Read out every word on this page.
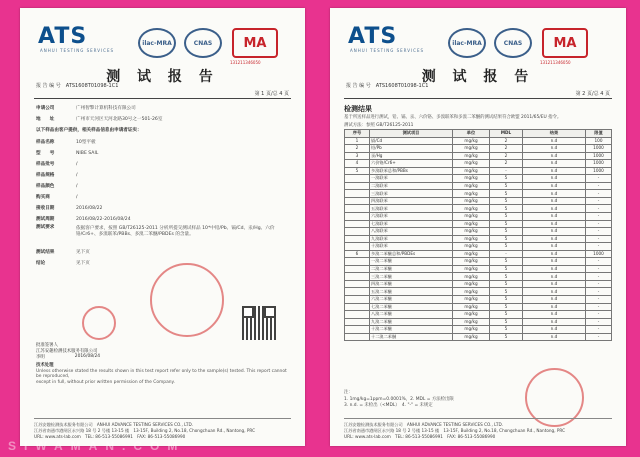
ATS
ANHUI TESTING SERVICES
ilac-MRA	CNAS MA
131211346050
测 试 报 告
报 告 编 号　ATS1608T01098-1C1
第 1 页/总 4 页
申请公司	广州智擎计算机科技有限公司
地　　址	广州市天河区天河北路30号之一501-26室
以下样品由客户提供，相关样品信息由申请者证实：
样品名称	10型平板
型　　号	NIBE SAIL
样品批号	/
样品规格	/
样品颜色	/
购买商	/
接收日期	2016/08/22
测试周期	2016/08/22-2016/08/24
测试要求	依据客户要求，按照 GB/T26125-2011 分析所提交测试样品 10*中铅/Pb、镉/Cd、汞/Hg、六价铬/Cr6+、多溴联苯/PBBs、多溴二苯醚/PBDEs 的含量。
测试结果	见下页
结论	见下页
批准签署人
江苏安趣检测技术服务有限公司
李明	2016/08/24
技术处理

Unless otherwise stated the results shown in this test report refer only to the sample(s) tested. This report cannot be reproduced,

except in full, without prior written permission of the Company.

江苏安趣检测技术服务有限公司　ANHUI ADVANCE TESTING SERVICES CO., LTD.
江苏省南通市港闸区永兴路 18 号 2 号楼 13-15 楼　13-15F, Building 2, No.18, Chongchuan Rd., Nantong, PRC
URL: www.ats-lab.com　TEL: 86-513-55086991　FAX: 86-513-55086990
ATS
ANHUI TESTING SERVICES
ilac-MRA	CNAS MA
131211346050
测 试 报 告
报 告 编 号　ATS1608T01098-1C1
第 2 页/总 4 页
检测结果
基于所送样品进行测试，铅、镉、汞、六价铬、多溴联苯和多溴二苯醚的测试结果符合欧盟 2011/65/EU 指令。
测试方法：参照 GB/T26125-2011
序号	测试项目	单位	MDL	结果	限值
1	镉/Cd	mg/kg	2	n.d	100
2	铅/Pb	mg/kg	2	n.d	1000
3	汞/Hg	mg/kg	2	n.d	1000
4	六价铬/Cr6+	mg/kg	2	n.d	1000
5	多溴联苯总和/PBBs	mg/kg	-	n.d	1000
	一溴联苯	mg/kg	5	n.d	-
	二溴联苯	mg/kg	5	n.d	-
	三溴联苯	mg/kg	5	n.d	-
	四溴联苯	mg/kg	5	n.d	-
	五溴联苯	mg/kg	5	n.d	-
	六溴联苯	mg/kg	5	n.d	-
	七溴联苯	mg/kg	5	n.d	-
	八溴联苯	mg/kg	5	n.d	-
	九溴联苯	mg/kg	5	n.d	-
	十溴联苯	mg/kg	5	n.d	-
6	多溴二苯醚总和/PBDEs	mg/kg	-	n.d	1000
	一溴二苯醚	mg/kg	5	n.d	-
	二溴二苯醚	mg/kg	5	n.d	-
	三溴二苯醚	mg/kg	5	n.d	-
	四溴二苯醚	mg/kg	5	n.d	-
	五溴二苯醚	mg/kg	5	n.d	-
	六溴二苯醚	mg/kg	5	n.d	-
	七溴二苯醚	mg/kg	5	n.d	-
	八溴二苯醚	mg/kg	5	n.d	-
	九溴二苯醚	mg/kg	5	n.d	-
	十溴二苯醚	mg/kg	5	n.d	-
	十二溴二苯醚	mg/kg	5	n.d	-
注：
1. 1mg/kg=1ppm=0.0001%，2. MDL = 方法检出限
3. n.d. = 未检出（<MDL）　4. "-" = 未规定
江苏安趣检测技术服务有限公司　ANHUI ADVANCE TESTING SERVICES CO., LTD.
江苏省南通市港闸区永兴路 18 号 2 号楼 13-15 楼　13-15F, Building 2, No.18, Chongchuan Rd., Nantong, PRC
URL: www.ats-lab.com　TEL: 86-513-55086991　FAX: 86-513-55086990
SIWAMAN.COM
